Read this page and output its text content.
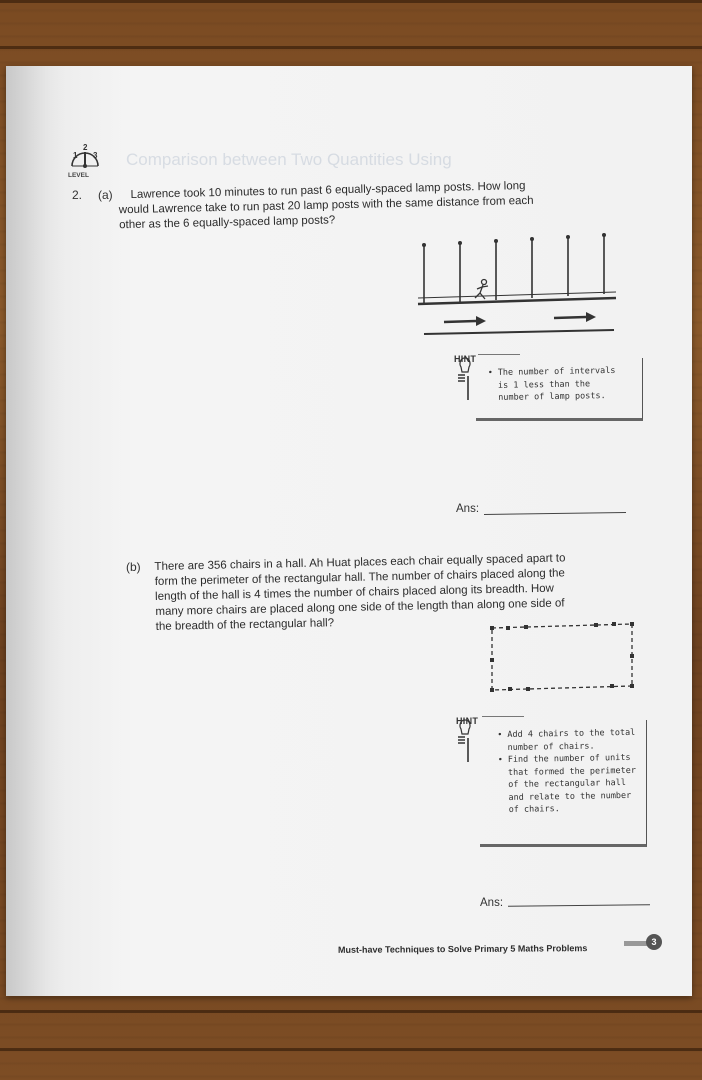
Comparison between Two Quantities Using
1
2
3
LEVEL
2. (a) Lawrence took 10 minutes to run past 6 equally-spaced lamp posts. How long
would Lawrence take to run past 20 lamp posts with the same distance from each
other as the 6 equally-spaced lamp posts?
HINT
• The number of intervals
is 1 less than the
number of lamp posts.
Ans:
(b) There are 356 chairs in a hall. Ah Huat places each chair equally spaced apart to
form the perimeter of the rectangular hall. The number of chairs placed along the
length of the hall is 4 times the number of chairs placed along its breadth. How
many more chairs are placed along one side of the length than along one side of
the breadth of the rectangular hall?
HINT
• Add 4 chairs to the total
number of chairs.
• Find the number of units
that formed the perimeter
of the rectangular hall
and relate to the number
of chairs.
Ans:
Must-have Techniques to Solve Primary 5 Maths Problems
3
